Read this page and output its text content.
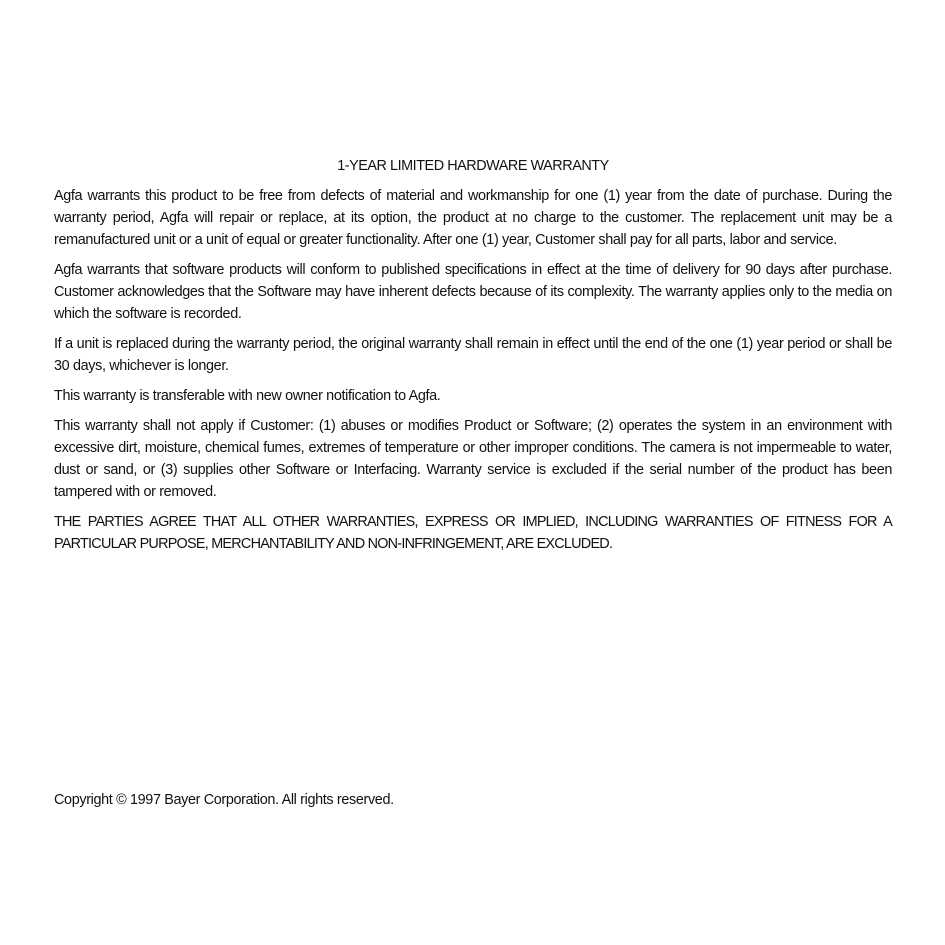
1-YEAR LIMITED HARDWARE WARRANTY

Agfa warrants this product to be free from defects of material and workmanship for one (1) year from the date of purchase. During the warranty period, Agfa will repair or replace, at its option, the product at no charge to the customer. The replacement unit may be a remanufactured unit or a unit of equal or greater functionality. After one (1) year, Customer shall pay for all parts, labor and service.

Agfa warrants that software products will conform to published specifications in effect at the time of delivery for 90 days after purchase. Customer acknowledges that the Software may have inherent defects because of its complexity. The warranty applies only to the media on which the software is recorded.

If a unit is replaced during the warranty period, the original warranty shall remain in effect until the end of the one (1) year period or shall be 30 days, whichever is longer.

This warranty is transferable with new owner notification to Agfa.

This warranty shall not apply if Customer: (1) abuses or modifies Product or Software; (2) operates the system in an environment with excessive dirt, moisture, chemical fumes, extremes of temperature or other improper conditions. The camera is not impermeable to water, dust or sand, or (3) supplies other Software or Interfacing. Warranty service is excluded if the serial number of the product has been tampered with or removed.

THE PARTIES AGREE THAT ALL OTHER WARRANTIES, EXPRESS OR IMPLIED, INCLUDING WARRANTIES OF FITNESS FOR A PARTICULAR PURPOSE, MERCHANTABILITY AND NON-INFRINGEMENT, ARE EXCLUDED.

Copyright © 1997 Bayer Corporation. All rights reserved.
